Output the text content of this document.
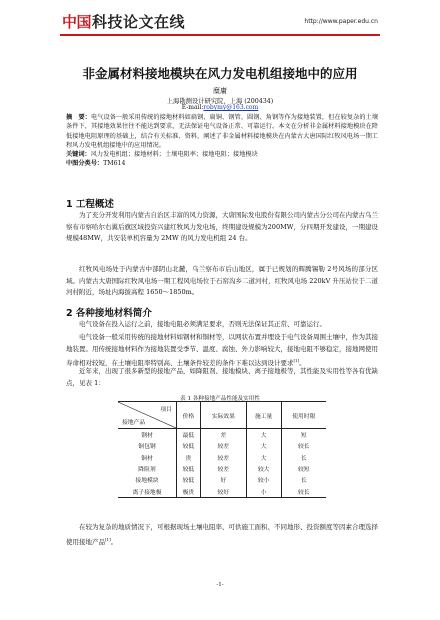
中国 科技论文在线	http://www.paper.edu.cn
非金属材料接地模块在风力发电机组接地中的应用
糜庸
上海勘测设计研究院，上海 (200434)
E-mail:robymy@163.com
摘　要：电气设备一般采用传统的接地材料如扁钢、扁铜、钢管、圆钢、角钢等作为接地装置，但在较复杂的土壤条件下，其接地效果往往不能达到要求，无法保证电气设备正常、可靠运行。本文在分析非金属材料接地模块在降低接地电阻原理的基础上，结合有关标准、资料，阐述了非金属材料接地模块在内蒙古大唐国际红牧风电场一期工程风力发电机组接地中的应用情况。
关键词：风力发电机组；接地材料；土壤电阻率；接地电阻；接地模块
中图分类号：TM614
1 工程概述
为了充分开发利用内蒙古自治区丰富的风力资源，大唐国际发电股份有限公司内蒙古分公司在内蒙古乌兰察布市察哈尔右翼后旗区域投资兴建红牧风力发电场，终期建设规模为200MW，分四期开发建设，一期建设规模48MW，共安装单机容量为 2MW 的风力发电机组 24 台。
红牧风电场处于内蒙古中部阴山北麓，乌兰察布市后山地区，属于已规划的辉腾锡勒 2号风场的部分区域。内蒙古大唐国际红牧风电场一期工程风电场位于石窑沟乡二道河村，红牧风电场 220kV 升压站位于二道河村附近，场址内海拔高程 1650～1850m。
2 各种接地材料简介
电气设备在投入运行之前，接地电阻必须满足要求，否则无法保证其正常、可靠运行。
电气设备一般采用传统的接地材料如钢材和铜材等，以网状布置并埋设于电气设备周围土壤中，作为其接地装置。用传统接地材料作为接地装置受季节、温度、腐蚀、外力影响较大，接地电阻不够稳定，接地网使用寿命相对较短，在土壤电阻率特别高、土壤条件较差的条件下难以达到设计要求[1]。
近年来，出现了很多新型的接地产品，如降阻剂、接地模块、离子接地极等，其性能及实用性等各有优缺点，见表 1：
表 1 各种接地产品性能及实用性
项目
接地产品	价格	实际效果	施工量	使用时限
钢材	最低	差	大	短
铜包钢	较低	较差	大	较长
铜材	贵	较差	大	长
降阻剂	较低	较差	较大	较短
接地模块	较低	好	较小	长
离子接地极	极贵	较好	小	较长
在较为复杂的地质情况下，可根据现场土壤电阻率、可供施工面积、不同地形、投资额度等因素合理选择使用接地产品[1]。
-1-
